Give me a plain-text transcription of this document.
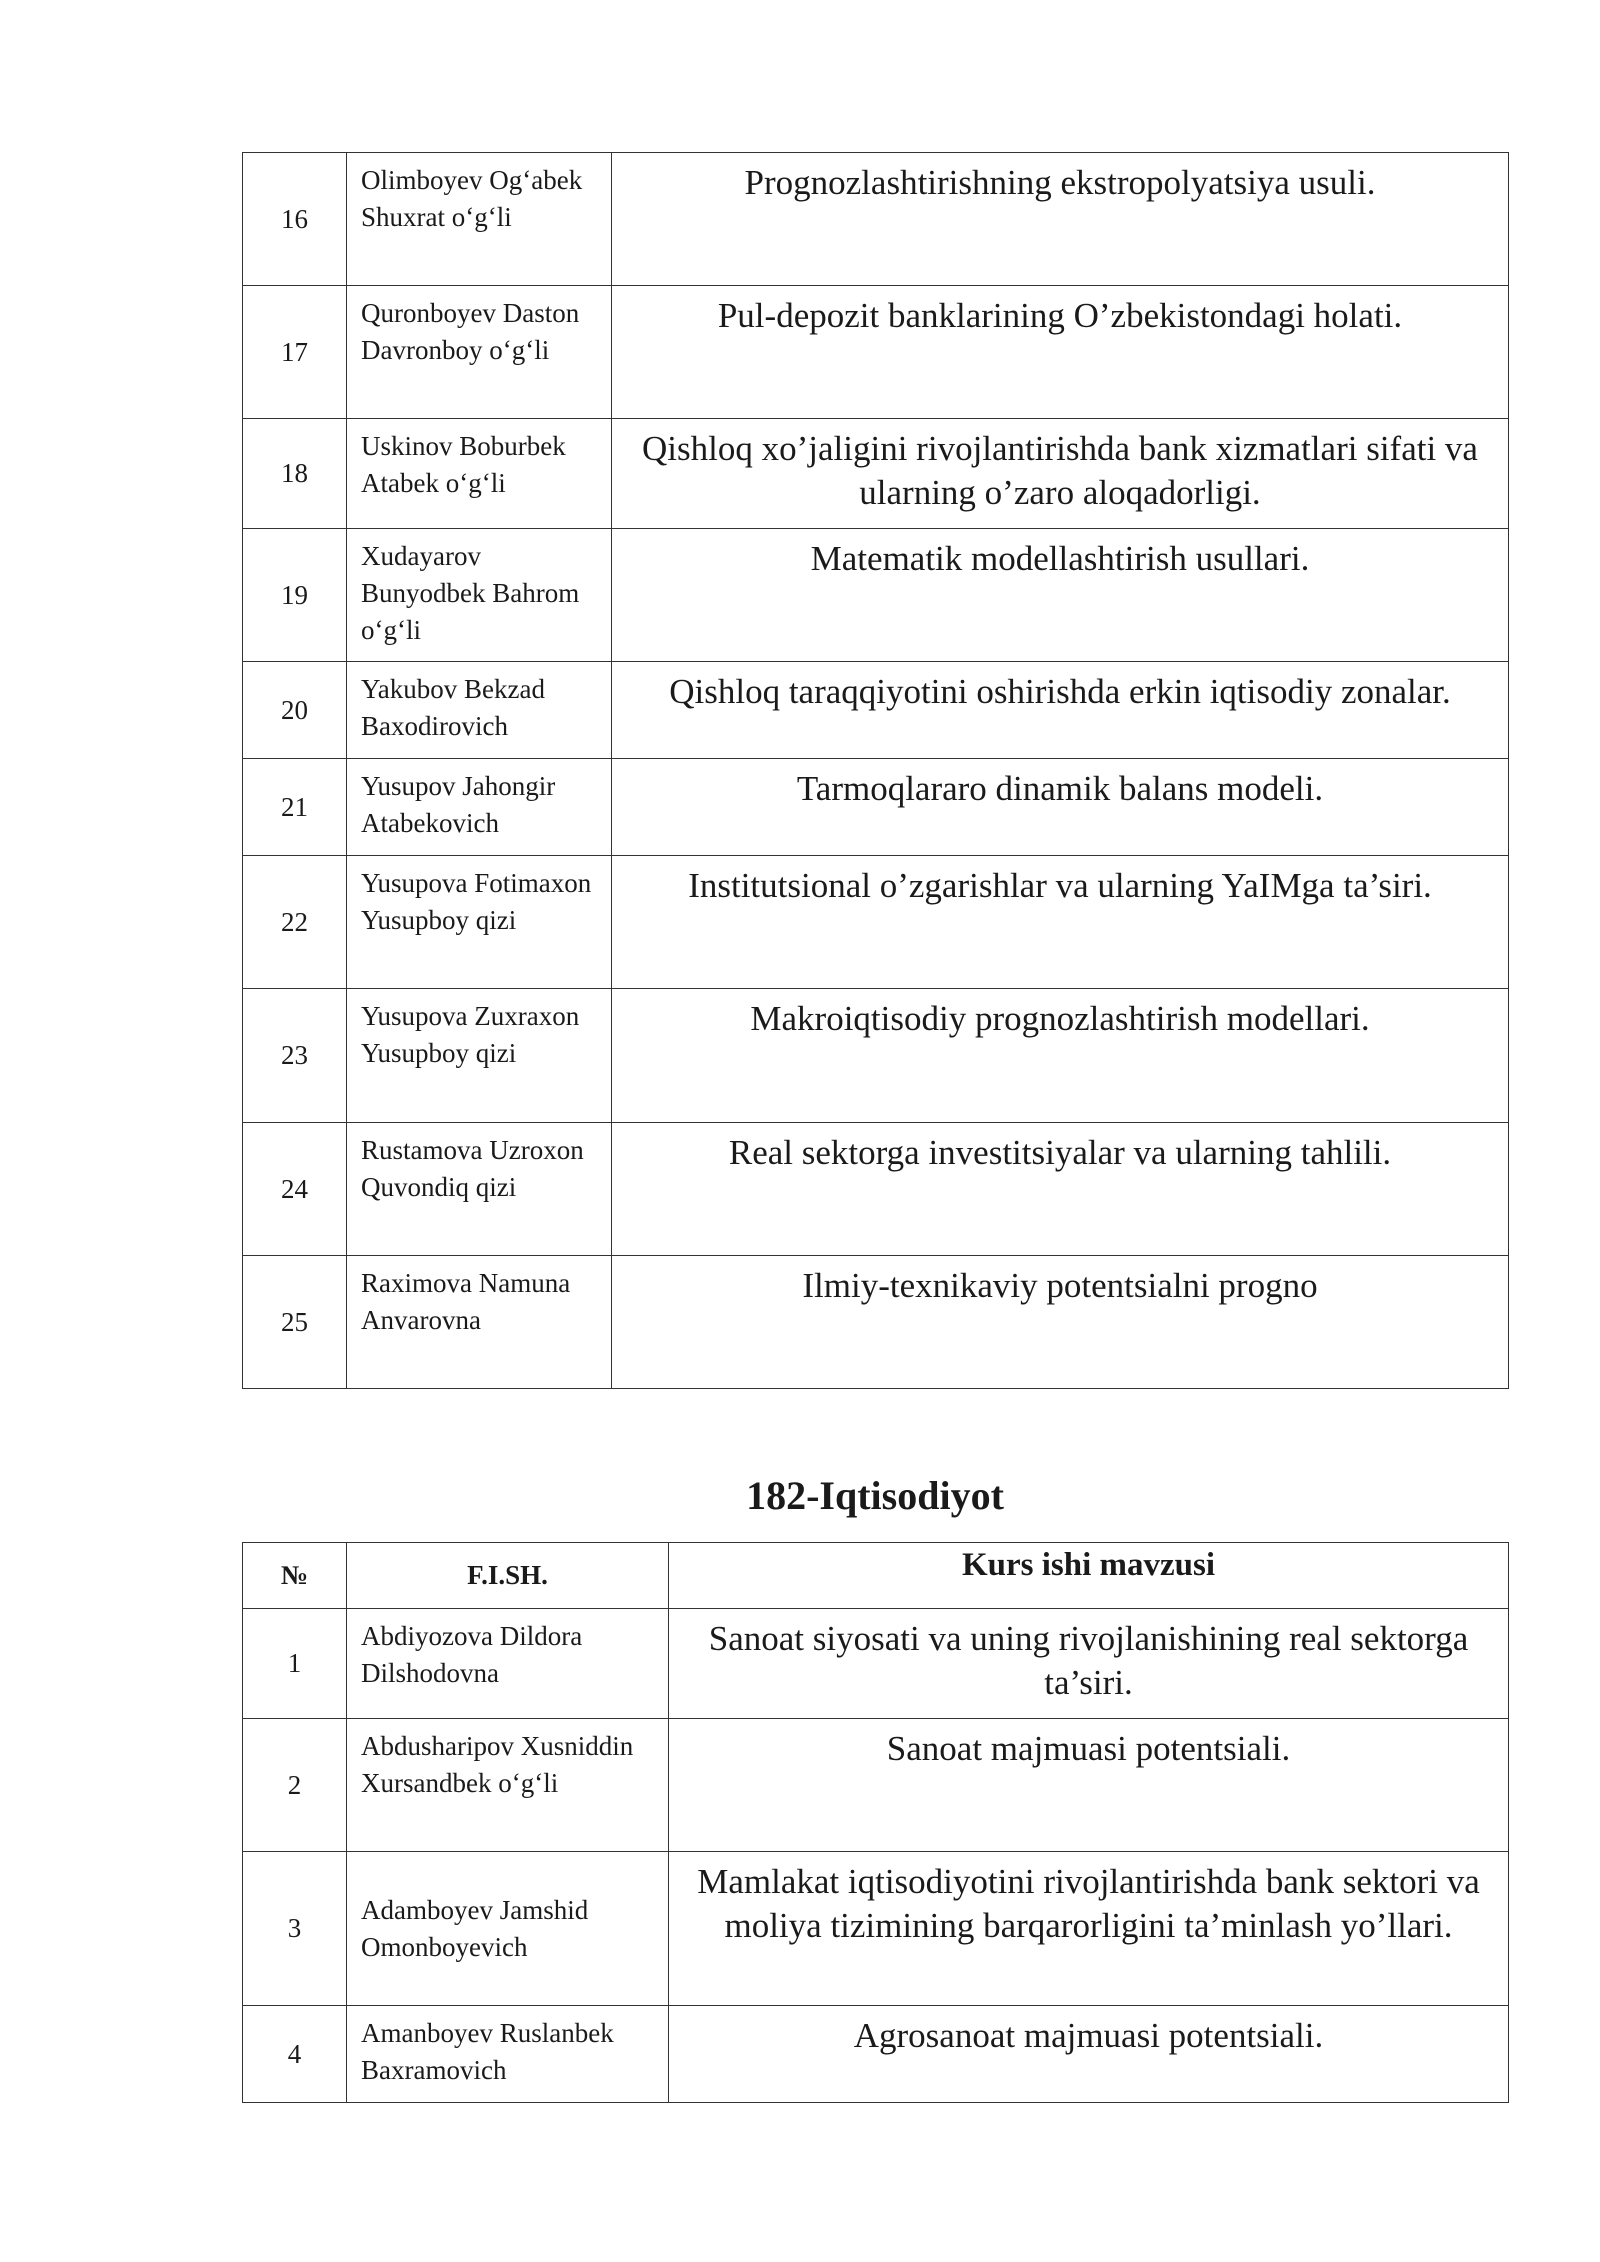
16	Olimboyev Og‘abek Shuxrat o‘g‘li	Prognozlashtirishning ekstropolyatsiya usuli.
17	Quronboyev Daston Davronboy o‘g‘li	Pul-depozit banklarining O’zbekistondagi holati.
18	Uskinov Boburbek Atabek o‘g‘li	Qishloq xo’jaligini rivojlantirishda bank xizmatlari sifati va ularning o’zaro aloqadorligi.
19	Xudayarov Bunyodbek Bahrom o‘g‘li	Matematik modellashtirish usullari.
20	Yakubov Bekzad Baxodirovich	Qishloq taraqqiyotini oshirishda erkin iqtisodiy zonalar.
21	Yusupov Jahongir Atabekovich	Tarmoqlararo dinamik balans modeli.
22	Yusupova Fotimaxon Yusupboy qizi	Institutsional o’zgarishlar va ularning YaIMga ta’siri.
23	Yusupova Zuxraxon Yusupboy qizi	Makroiqtisodiy prognozlashtirish modellari.
24	Rustamova Uzroxon Quvondiq qizi	Real sektorga investitsiyalar va ularning tahlili.
25	Raximova Namuna Anvarovna	Ilmiy-texnikaviy potentsialni progno
182-Iqtisodiyot
№	F.I.SH.	Kurs ishi mavzusi
1	Abdiyozova Dildora Dilshodovna	Sanoat siyosati va uning rivojlanishining real sektorga ta’siri.
2	Abdusharipov Xusniddin Xursandbek o‘g‘li	Sanoat majmuasi potentsiali.
3	Adamboyev Jamshid Omonboyevich	Mamlakat iqtisodiyotini rivojlantirishda bank sektori va moliya tizimining barqarorligini ta’minlash yo’llari.
4	Amanboyev Ruslanbek Baxramovich	Agrosanoat majmuasi potentsiali.
